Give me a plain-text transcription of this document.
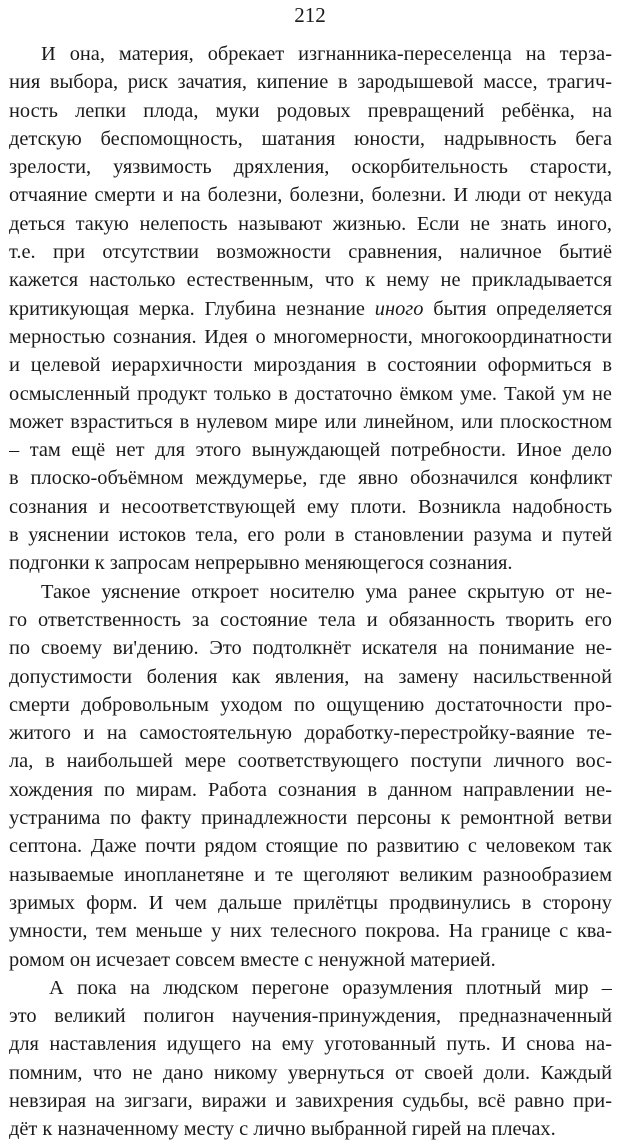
212
И она, материя, обрекает изгнанника-переселенца на терза-
ния выбора, риск зачатия, кипение в зародышевой массе, трагич-
ность лепки плода, муки родовых превращений ребёнка, на
детскую беспомощность, шатания юности, надрывность бега
зрелости, уязвимость дряхления, оскорбительность старости,
отчаяние смерти и на болезни, болезни, болезни. И люди от некуда
деться такую нелепость называют жизнью. Если не знать иного,
т.е. при отсутствии возможности сравнения, наличное бытиё
кажется настолько естественным, что к нему не прикладывается
критикующая мерка. Глубина незнание иного бытия определяется
мерностью сознания. Идея о многомерности, многокоординатности
и целевой иерархичности мироздания в состоянии оформиться в
осмысленный продукт только в достаточно ёмком уме. Такой ум не
может взраститься в нулевом мире или линейном, или плоскостном
– там ещё нет для этого вынуждающей потребности. Иное дело
в плоско-объёмном междумерье, где явно обозначился конфликт
сознания и несоответствующей ему плоти. Возникла надобность
в уяснении истоков тела, его роли в становлении разума и путей
подгонки к запросам непрерывно меняющегося сознания.
Такое уяснение откроет носителю ума ранее скрытую от не-
го ответственность за состояние тела и обязанность творить его
по своему ви'дению. Это подтолкнёт искателя на понимание не-
допустимости боления как явления, на замену насильственной
смерти добровольным уходом по ощущению достаточности про-
житого и на самостоятельную доработку-перестройку-ваяние те-
ла, в наибольшей мере соответствующего поступи личного вос-
хождения по мирам. Работа сознания в данном направлении не-
устранима по факту принадлежности персоны к ремонтной ветви
септона. Даже почти рядом стоящие по развитию с человеком так
называемые инопланетяне и те щеголяют великим разнообразием
зримых форм. И чем дальше прилётцы продвинулись в сторону
умности, тем меньше у них телесного покрова. На границе с ква-
ромом он исчезает совсем вместе с ненужной материей.
А пока на людском перегоне оразумления плотный мир –
это великий полигон научения-принуждения, предназначенный
для наставления идущего на ему уготованный путь. И снова на-
помним, что не дано никому увернуться от своей доли. Каждый
невзирая на зигзаги, виражи и завихрения судьбы, всё равно при-
дёт к назначенному месту с лично выбранной гирей на плечах.
